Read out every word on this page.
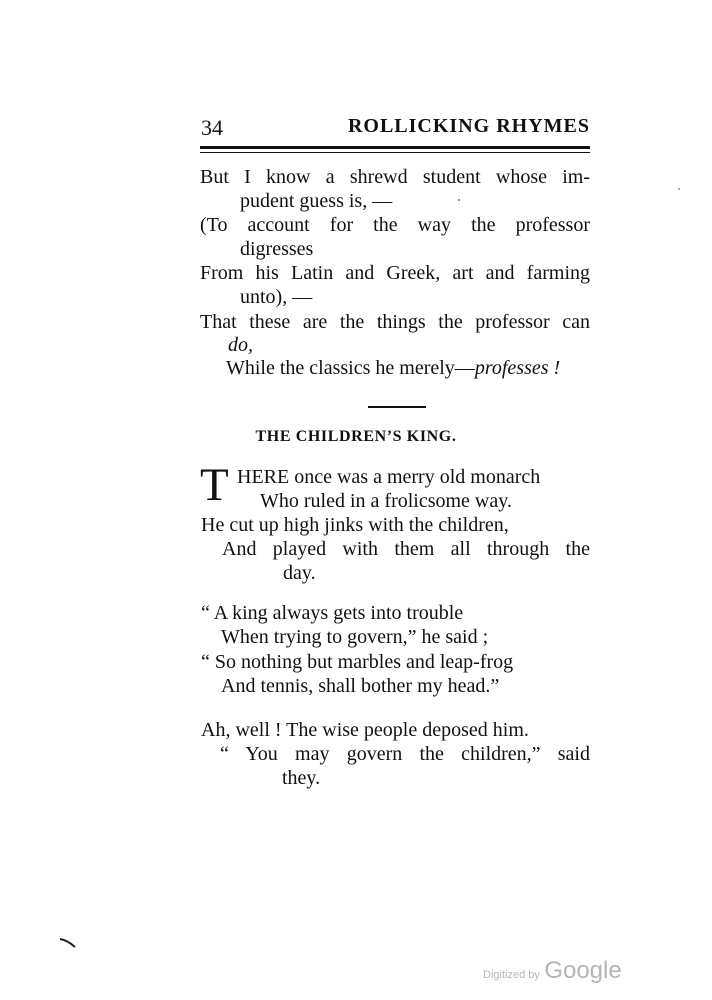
34	ROLLICKING RHYMES
But I know a shrewd student whose im-
pudent guess is, —
(To account for the way the professor
digresses
From his Latin and Greek, art and farming
unto), —
That these are the things the professor can
do,
While the classics he merely—professes !
THE CHILDREN’S KING.
T HERE once was a merry old monarch
Who ruled in a frolicsome way.
He cut up high jinks with the children,
And played with them all through the
day.
“ A king always gets into trouble
When trying to govern,” he said ;
“ So nothing but marbles and leap-frog
And tennis, shall bother my head.”
Ah, well ! The wise people deposed him.
“ You may govern the children,” said
they.
Digitized by Google
